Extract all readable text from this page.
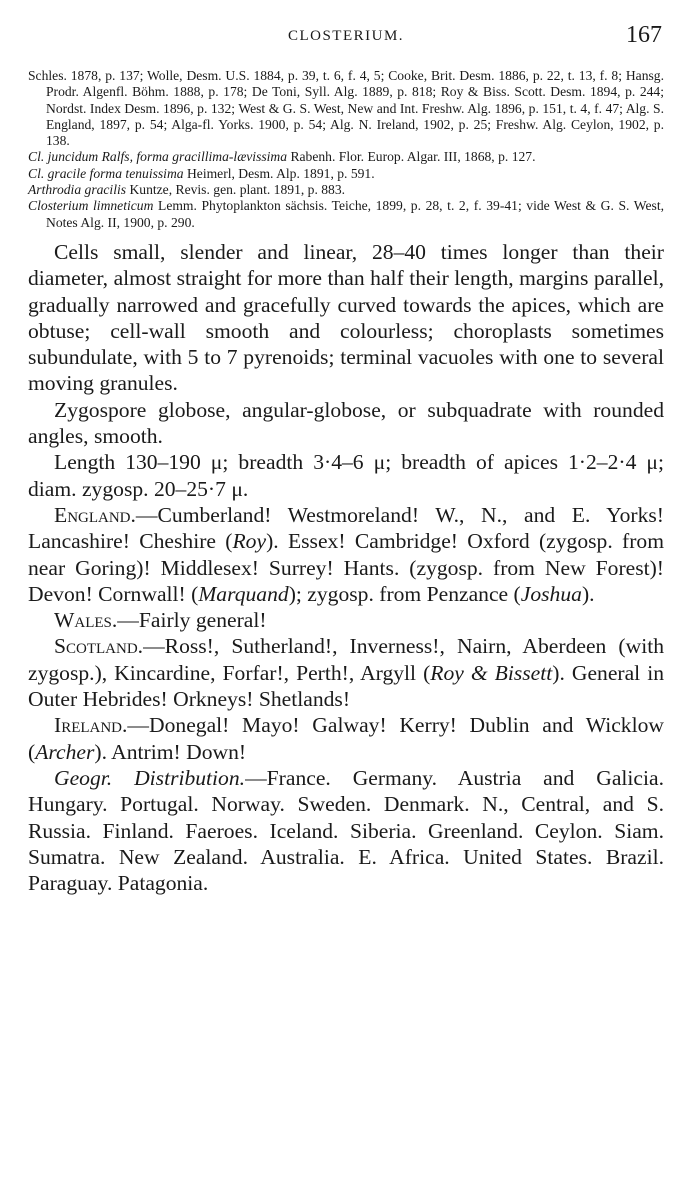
CLOSTERIUM.	167

Schles. 1878, p. 137; Wolle, Desm. U.S. 1884, p. 39, t. 6, f. 4, 5; Cooke, Brit. Desm. 1886, p. 22, t. 13, f. 8; Hansg. Prodr. Algenfl. Böhm. 1888, p. 178; De Toni, Syll. Alg. 1889, p. 818; Roy & Biss. Scott. Desm. 1894, p. 244; Nordst. Index Desm. 1896, p. 132; West & G. S. West, New and Int. Freshw. Alg. 1896, p. 151, t. 4, f. 47; Alg. S. England, 1897, p. 54; Alga-fl. Yorks. 1900, p. 54; Alg. N. Ireland, 1902, p. 25; Freshw. Alg. Ceylon, 1902, p. 138.

Cl. juncidum Ralfs, forma gracillima-lævissima Rabenh. Flor. Europ. Algar. III, 1868, p. 127.

Cl. gracile forma tenuissima Heimerl, Desm. Alp. 1891, p. 591.

Arthrodia gracilis Kuntze, Revis. gen. plant. 1891, p. 883.

Closterium limneticum Lemm. Phytoplankton sächsis. Teiche, 1899, p. 28, t. 2, f. 39-41; vide West & G. S. West, Notes Alg. II, 1900, p. 290.

Cells small, slender and linear, 28–40 times longer than their diameter, almost straight for more than half their length, margins parallel, gradually narrowed and gracefully curved towards the apices, which are obtuse; cell-wall smooth and colourless; choroplasts sometimes subundulate, with 5 to 7 pyrenoids; terminal vacuoles with one to several moving granules.

Zygospore globose, angular-globose, or subquadrate with rounded angles, smooth.

Length 130–190 μ; breadth 3·4–6 μ; breadth of apices 1·2–2·4 μ; diam. zygosp. 20–25·7 μ.

England.—Cumberland! Westmoreland! W., N., and E. Yorks! Lancashire! Cheshire (Roy). Essex! Cambridge! Oxford (zygosp. from near Goring)! Middlesex! Surrey! Hants. (zygosp. from New Forest)! Devon! Cornwall! (Marquand); zygosp. from Penzance (Joshua).

Wales.—Fairly general!

Scotland.—Ross!, Sutherland!, Inverness!, Nairn, Aberdeen (with zygosp.), Kincardine, Forfar!, Perth!, Argyll (Roy & Bissett). General in Outer Hebrides! Orkneys! Shetlands!

Ireland.—Donegal! Mayo! Galway! Kerry! Dublin and Wicklow (Archer). Antrim! Down!

Geogr. Distribution.—France. Germany. Austria and Galicia. Hungary. Portugal. Norway. Sweden. Denmark. N., Central, and S. Russia. Finland. Faeroes. Iceland. Siberia. Greenland. Ceylon. Siam. Sumatra. New Zealand. Australia. E. Africa. United States. Brazil. Paraguay. Patagonia.
